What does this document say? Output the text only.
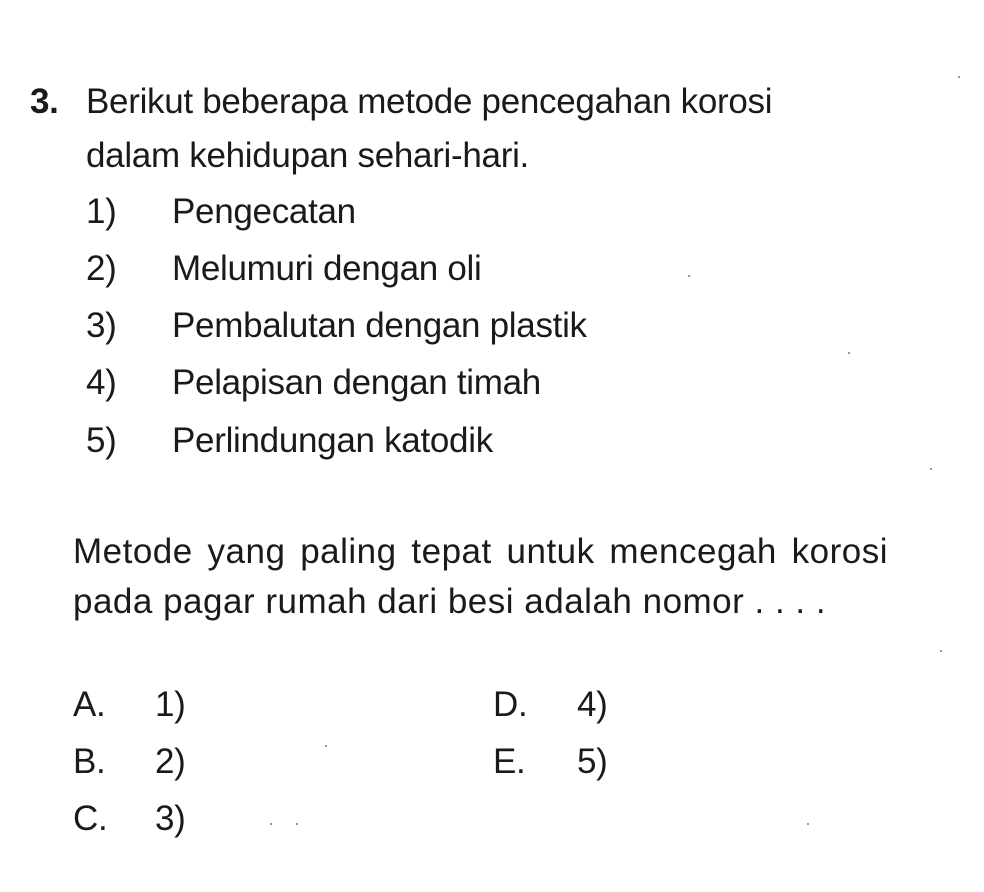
3. Berikut beberapa metode pencegahan korosi
dalam kehidupan sehari-hari.
1) Pengecatan
2) Melumuri dengan oli
3) Pembalutan dengan plastik
4) Pelapisan dengan timah
5) Perlindungan katodik
Metode yang paling tepat untuk mencegah korosi pada pagar rumah dari besi adalah nomor . . . .
A. 1)
B. 2)
C. 3)
D. 4)
E. 5)
